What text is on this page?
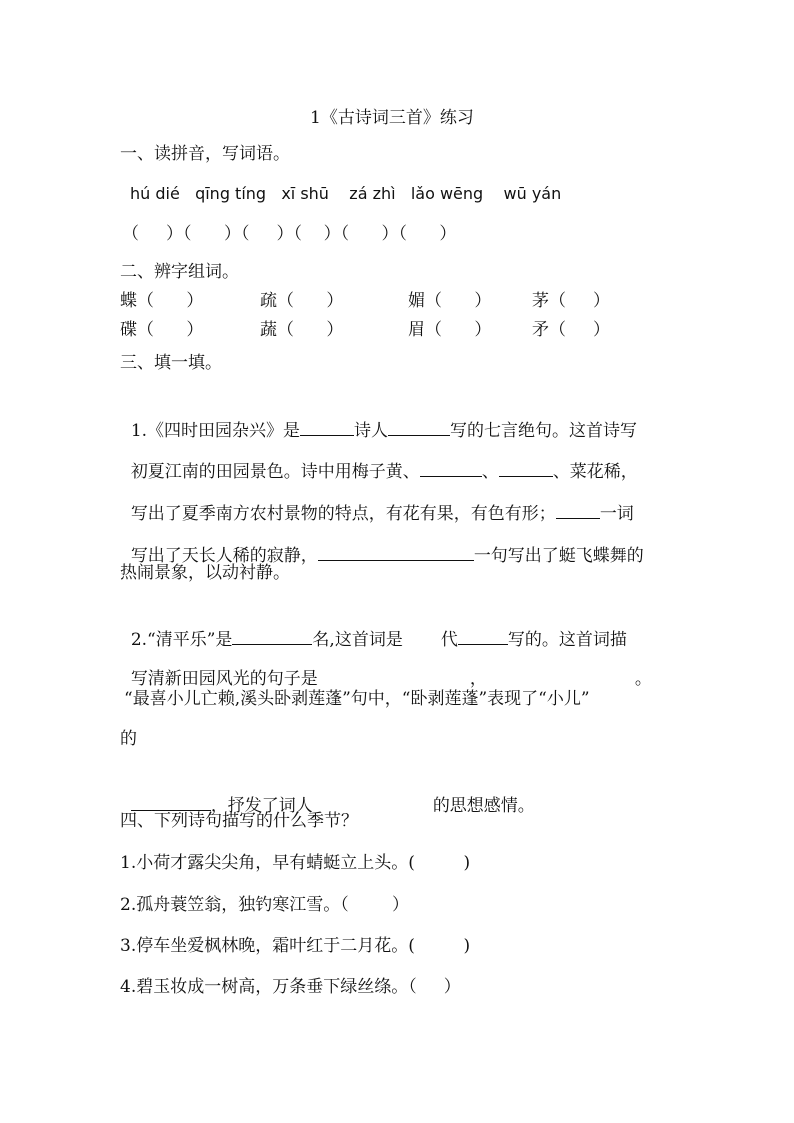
1《古诗词三首》练习
一、读拼音，写词语。
hú dié   qīng tíng   xī shū    zá zhì   lǎo wēng    wū yán
（     ）（      ）（     ）（    ）（      ）（      ）
二、辨字组词。
蝶（      ）	疏（      ）	媚（      ） 茅（     ）
碟（      ）	蔬（      ）	眉（      ） 矛（     ）
三、填一填。

1.《四时田园杂兴》是	诗人	写的七言绝句。这首诗写

初夏江南的田园景色。诗中用梅子黄、	、	、菜花稀，

写出了夏季南方农村景物的特点，有花有果，有色有形；	一词

写出了天长人稀的寂静，	一句写出了蜓飞蝶舞的

热闹景象，以动衬静。

2.“清平乐”是	名,这首词是 代	写的。这首词描

写清新田园风光的句子是	，	。

“最喜小儿亡赖,溪头卧剥莲蓬”句中，“卧剥莲蓬”表现了“小儿”
的

，抒发了词人	的思想感情。

四、下列诗句描写的什么季节？
1.小荷才露尖尖角，早有蜻蜓立上头。(         )
2.孤舟蓑笠翁，独钓寒江雪。（        ）
3.停车坐爱枫林晚，霜叶红于二月花。(         )
4.碧玉妆成一树高，万条垂下绿丝绦。（     ）
